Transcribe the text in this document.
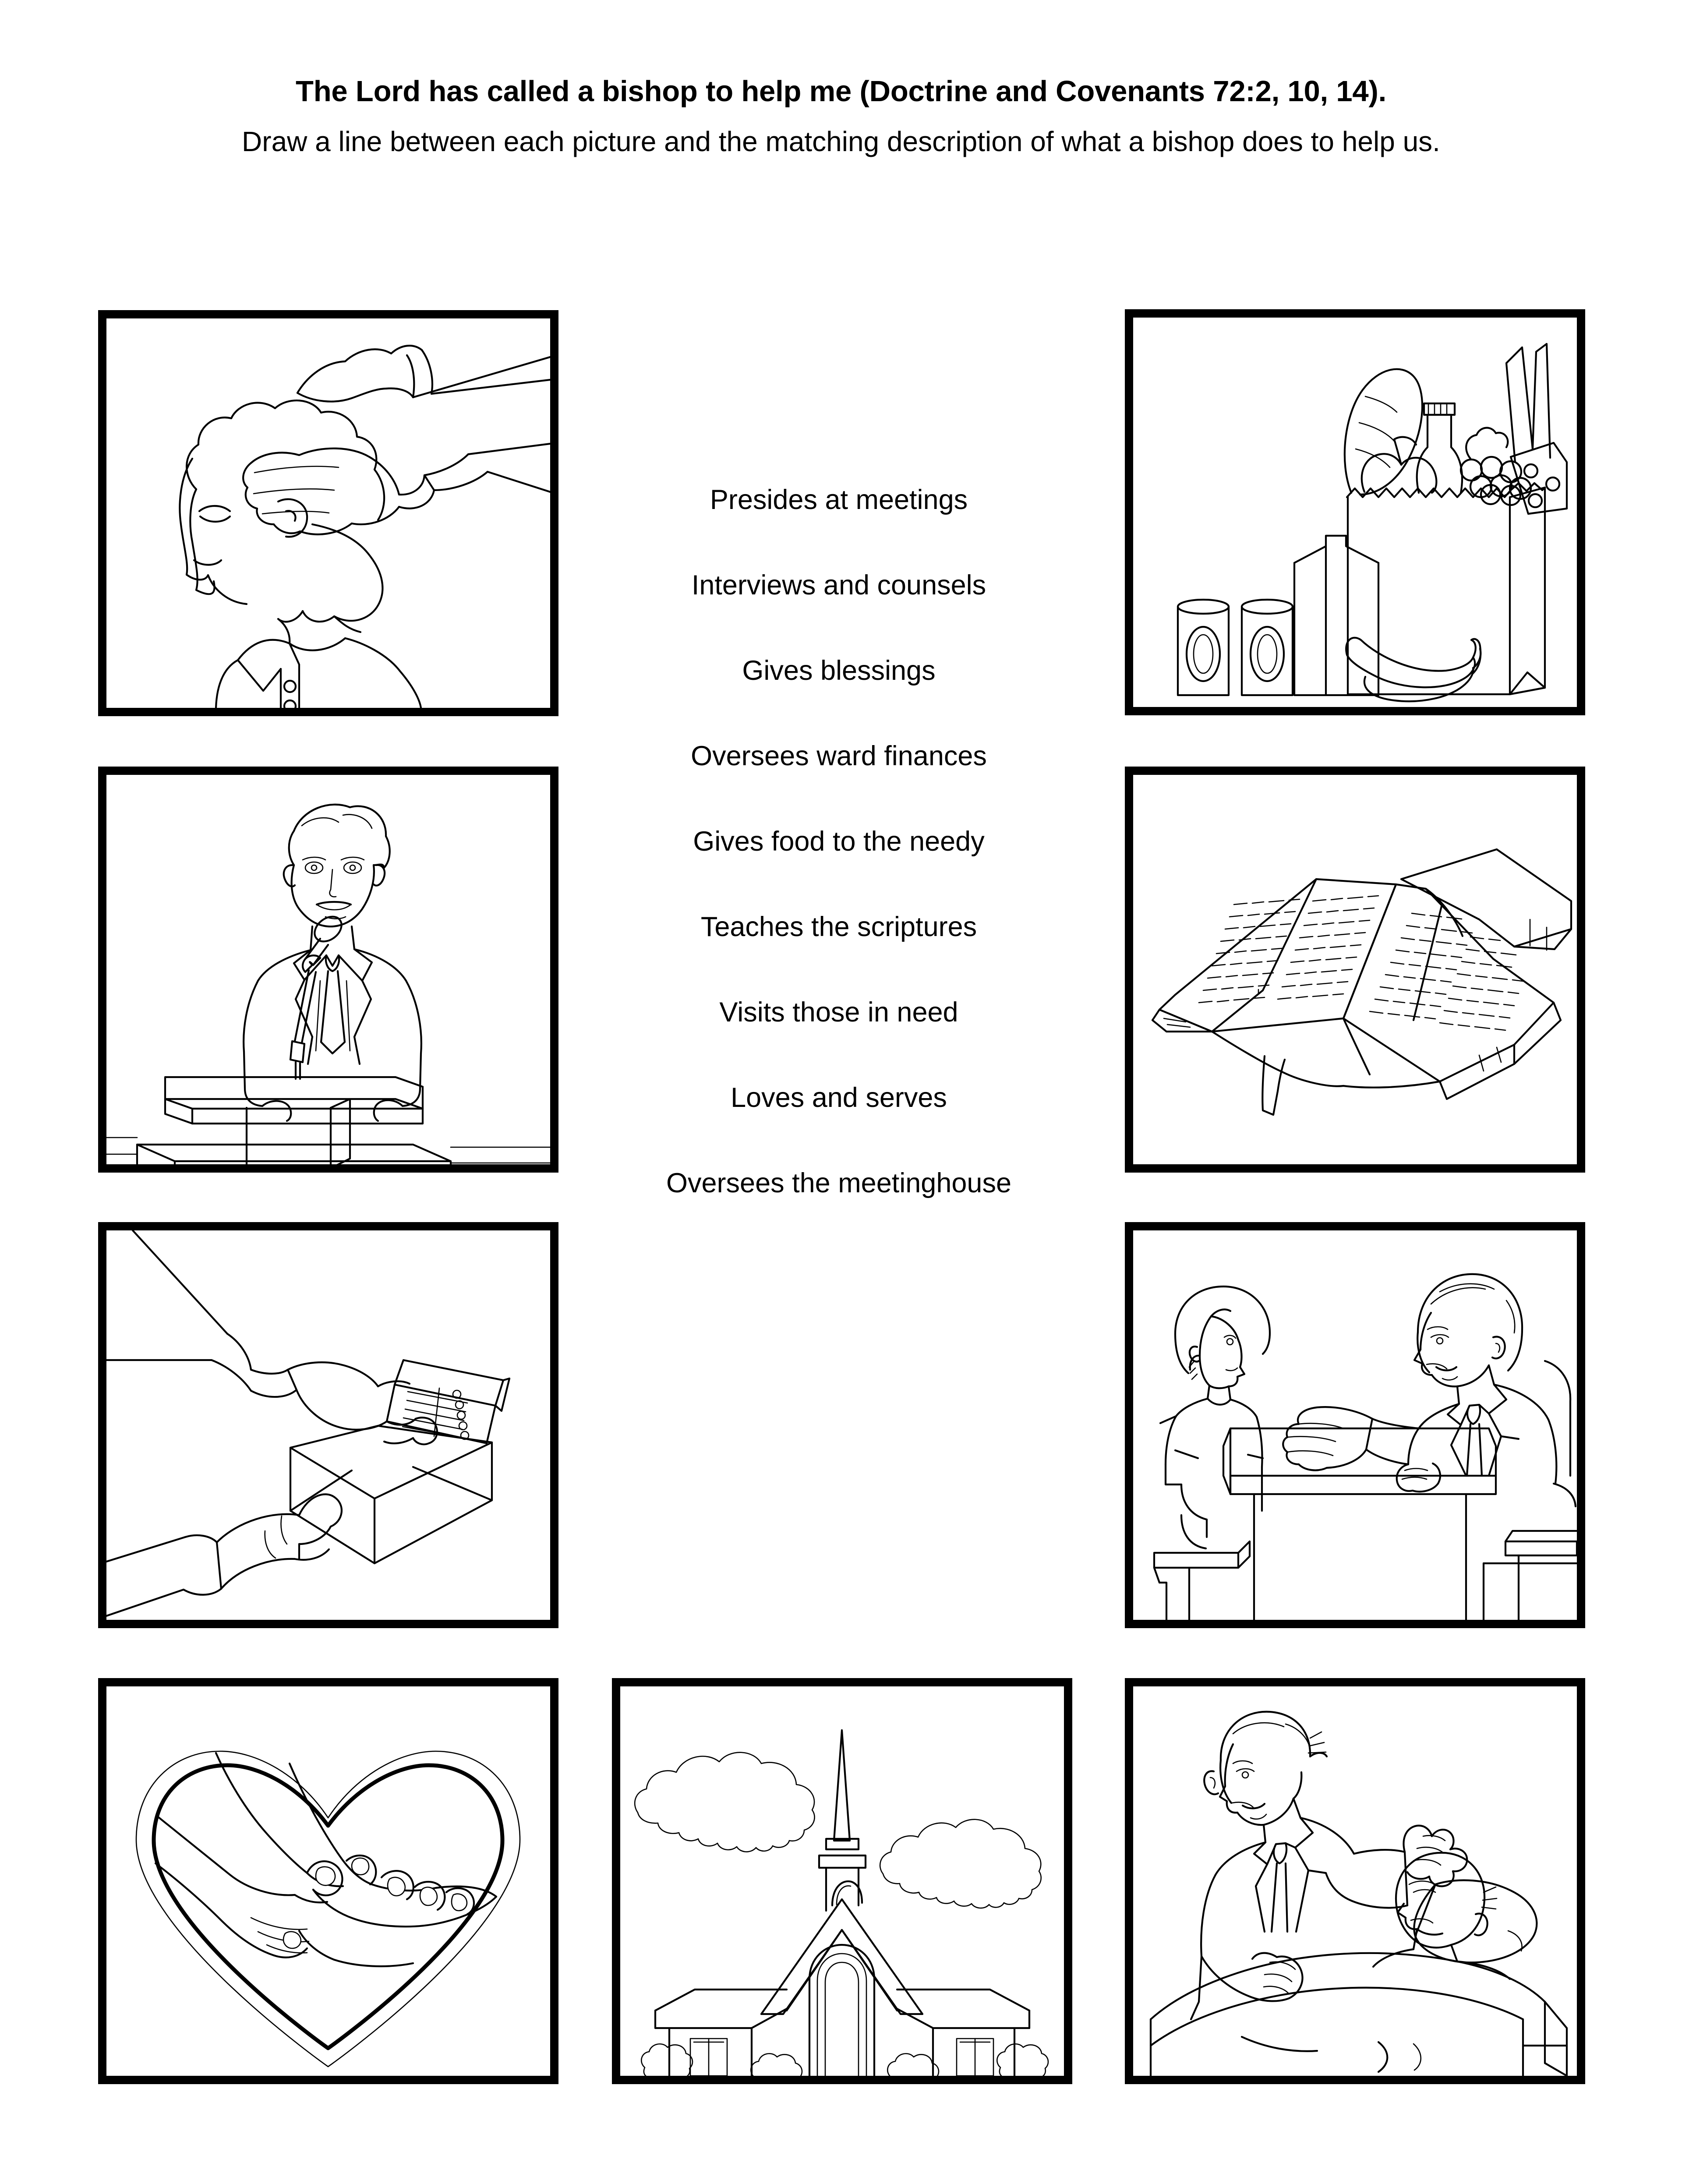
The Lord has called a bishop to help me (Doctrine and Covenants 72:2, 10, 14).
Draw a line between each picture and the matching description of what a bishop does to help us.
Presides at meetings
Interviews and counsels
Gives blessings
Oversees ward finances
Gives food to the needy
Teaches the scriptures
Visits those in need
Loves and serves
Oversees the meetinghouse
